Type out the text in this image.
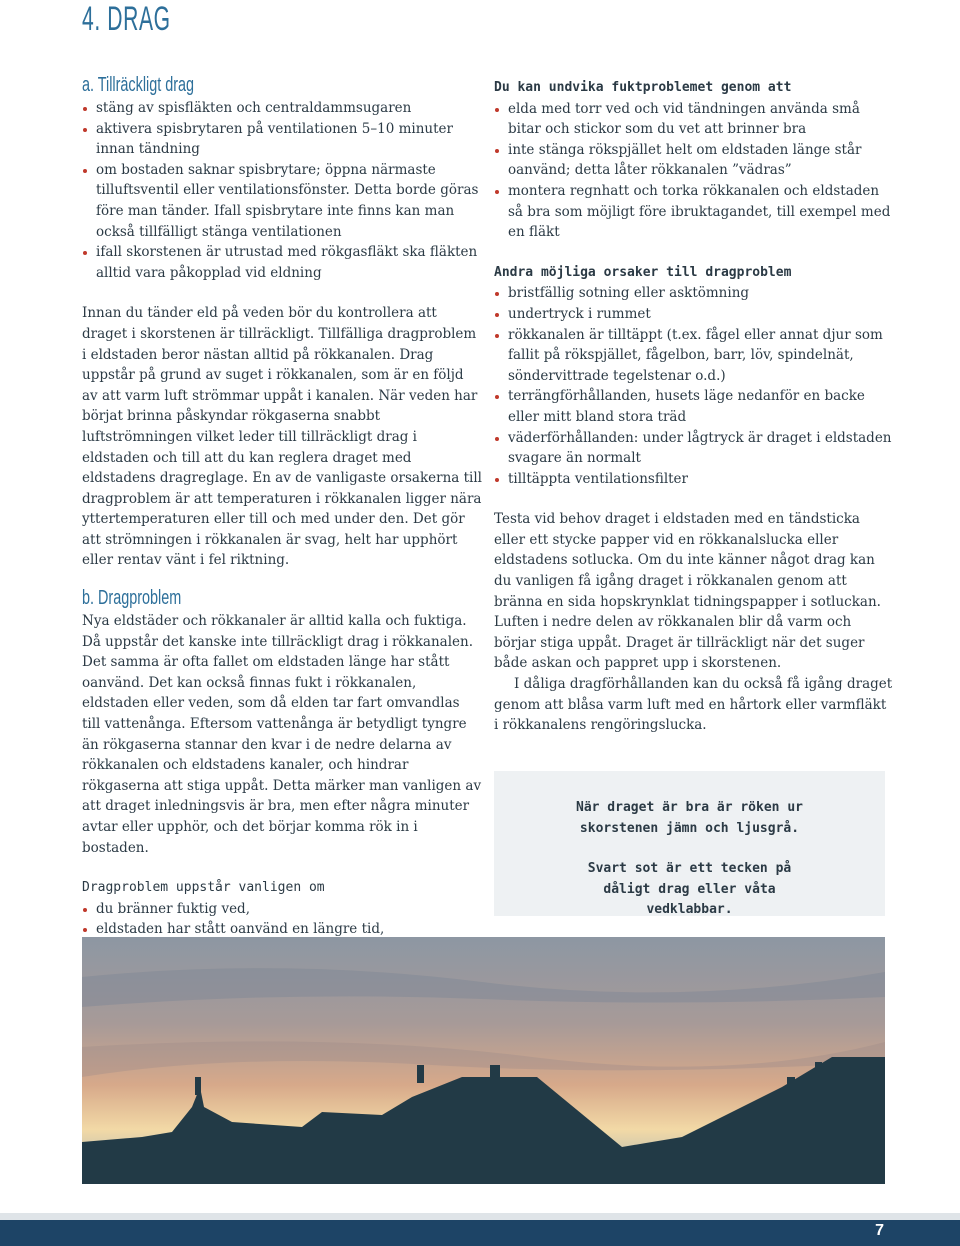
4. DRAG
a. Tillräckligt drag
stäng av spisfläkten och centraldammsugaren
aktivera spisbrytaren på ventilationen 5–10 minuter innan tändning
om bostaden saknar spisbrytare; öppna närmaste tilluftsventil eller ventilationsfönster. Detta borde göras före man tänder. Ifall spisbrytare inte finns kan man också tillfälligt stänga ventilationen
ifall skorstenen är utrustad med rökgasfläkt ska fläkten alltid vara påkopplad vid eldning

Innan du tänder eld på veden bör du kontrollera att draget i skorstenen är tillräckligt. Tillfälliga dragproblem i eldstaden beror nästan alltid på rökkanalen. Drag uppstår på grund av suget i rökkanalen, som är en följd av att varm luft strömmar uppåt i kanalen. När veden har börjat brinna påskyndar rökgaserna snabbt luftströmningen vilket leder till tillräckligt drag i eldstaden och till att du kan reglera draget med eldstadens dragreglage. En av de vanligaste orsakerna till dragproblem är att temperaturen i rökkanalen ligger nära yttertemperaturen eller till och med under den. Det gör att strömningen i rökkanalen är svag, helt har upphört eller rentav vänt i fel riktning.

b. Dragproblem

Nya eldstäder och rökkanaler är alltid kalla och fuktiga. Då uppstår det kanske inte tillräckligt drag i rökkanalen. Det samma är ofta fallet om eldstaden länge har stått oanvänd. Det kan också finnas fukt i rökkanalen, eldstaden eller veden, som då elden tar fart omvandlas till vattenånga. Eftersom vattenånga är betydligt tyngre än rökgaserna stannar den kvar i de nedre delarna av rökkanalen och eldstadens kanaler, och hindrar rökgaserna att stiga uppåt. Detta märker man vanligen av att draget inledningsvis är bra, men efter några minuter avtar eller upphör, och det börjar komma rök in i bostaden.

Dragproblem uppstår vanligen om

du bränner fuktig ved,
eldstaden har stått oanvänd en längre tid,

Du kan undvika fuktproblemet genom att

elda med torr ved och vid tändningen använda små bitar och stickor som du vet att brinner bra
inte stänga rökspjället helt om eldstaden länge står oanvänd; detta låter rökkanalen ”vädras”
montera regnhatt och torka rökkanalen och eldstaden så bra som möjligt före ibruktagandet, till exempel med en fläkt

Andra möjliga orsaker till dragproblem

bristfällig sotning eller asktömning
undertryck i rummet
rökkanalen är tilltäppt (t.ex. fågel eller annat djur som fallit på rökspjället, fågelbon, barr, löv, spindelnät, söndervittrade tegelstenar o.d.)
terrängförhållanden, husets läge nedanför en backe eller mitt bland stora träd
väderförhållanden: under lågtryck är draget i eldstaden svagare än normalt
tilltäppta ventilationsfilter

Testa vid behov draget i eldstaden med en tändsticka eller ett stycke papper vid en rökkanalslucka eller eldstadens sotlucka. Om du inte känner något drag kan du vanligen få igång draget i rökkanalen genom att bränna en sida hopskrynklat tidningspapper i sotluckan. Luften i nedre delen av rökkanalen blir då varm och börjar stiga uppåt. Draget är tillräckligt när det suger både askan och pappret upp i skorstenen.

I dåliga dragförhållanden kan du också få igång draget genom att blåsa varm luft med en hårtork eller varmfläkt i rökkanalens rengöringslucka.

När draget är bra är röken ur skorstenen jämn och ljusgrå.

Svart sot är ett tecken på dåligt drag eller våta vedklabbar.

7
